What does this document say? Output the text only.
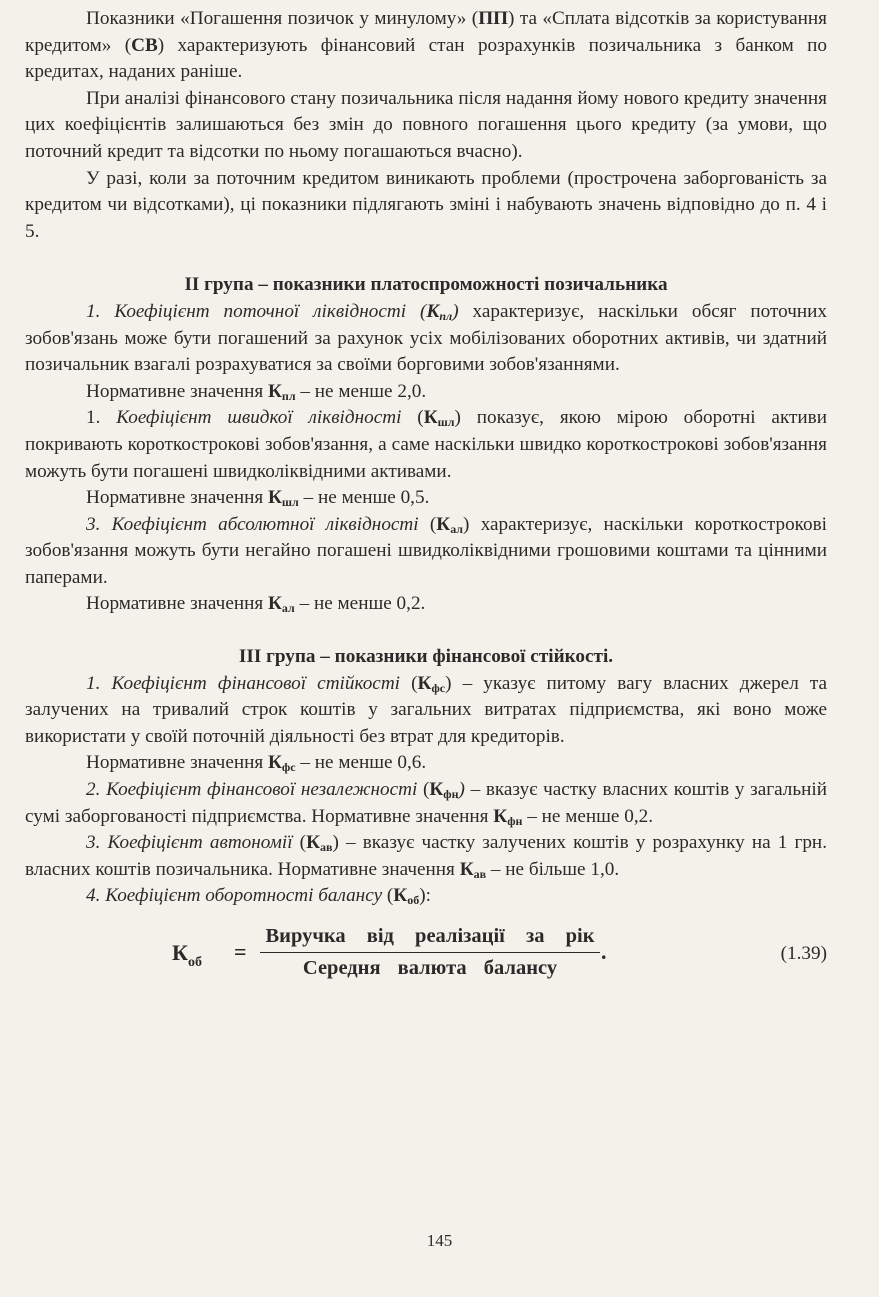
Показники «Погашення позичок у минулому» (ПП) та «Сплата відсотків за користування кредитом» (СВ) характеризують фінансовий стан розрахунків позичальника з банком по кредитах, наданих раніше.

При аналізі фінансового стану позичальника після надання йому нового кредиту значення цих коефіцієнтів залишаються без змін до повного погашення цього кредиту (за умови, що поточний кредит та відсотки по ньому погашаються вчасно).

У разі, коли за поточним кредитом виникають проблеми (прострочена заборгованість за кредитом чи відсотками), ці показники підлягають зміні і набувають значень відповідно до п. 4 і 5.

ІІ група – показники платоспроможності позичальника

1. Коефіцієнт поточної ліквідності $(К_{пл})$ характеризує, наскільки обсяг поточних зобов'язань може бути погашений за рахунок усіх мобілізованих оборотних активів, чи здатний позичальник взагалі розрахуватися за своїми борговими зобов'язаннями.

Нормативне значення $К_{пл}$ – не менше 2,0.

1. Коефіцієнт швидкої ліквідності $(К_{шл})$ показує, якою мірою оборотні активи покривають короткострокові зобов'язання, а саме наскільки швидко короткострокові зобов'язання можуть бути погашені швидколіквідними активами.

Нормативне значення $К_{шл}$ – не менше 0,5.

3. Коефіцієнт абсолютної ліквідності $(К_{ал})$ характеризує, наскільки короткострокові зобов'язання можуть бути негайно погашені швидколіквідними грошовими коштами та цінними паперами.

Нормативне значення $К_{ал}$ – не менше 0,2.

ІІІ група – показники фінансової стійкості.

1. Коефіцієнт фінансової стійкості $(К_{фс})$ – указує питому вагу власних джерел та залучених на тривалий строк коштів у загальних витратах підприємства, які воно може використати у своїй поточній діяльності без втрат для кредиторів.

Нормативне значення $К_{фс}$ – не менше 0,6.

2. Коефіцієнт фінансової незалежності $(К_{фн})$ – вказує частку власних коштів у загальній сумі заборгованості підприємства. Нормативне значення $К_{фн}$ – не менше 0,2.

3. Коефіцієнт автономії $(К_{ав})$ – вказує частку залучених коштів у розрахунку на 1 грн. власних коштів позичальника. Нормативне значення $К_{ав}$ – не більше 1,0.

4. Коефіцієнт оборотності балансу $(К_{об})$:

$К_{об}$ =
Виручка від реалізації за рік
Середня валюта балансу
.	(1.39)
145
